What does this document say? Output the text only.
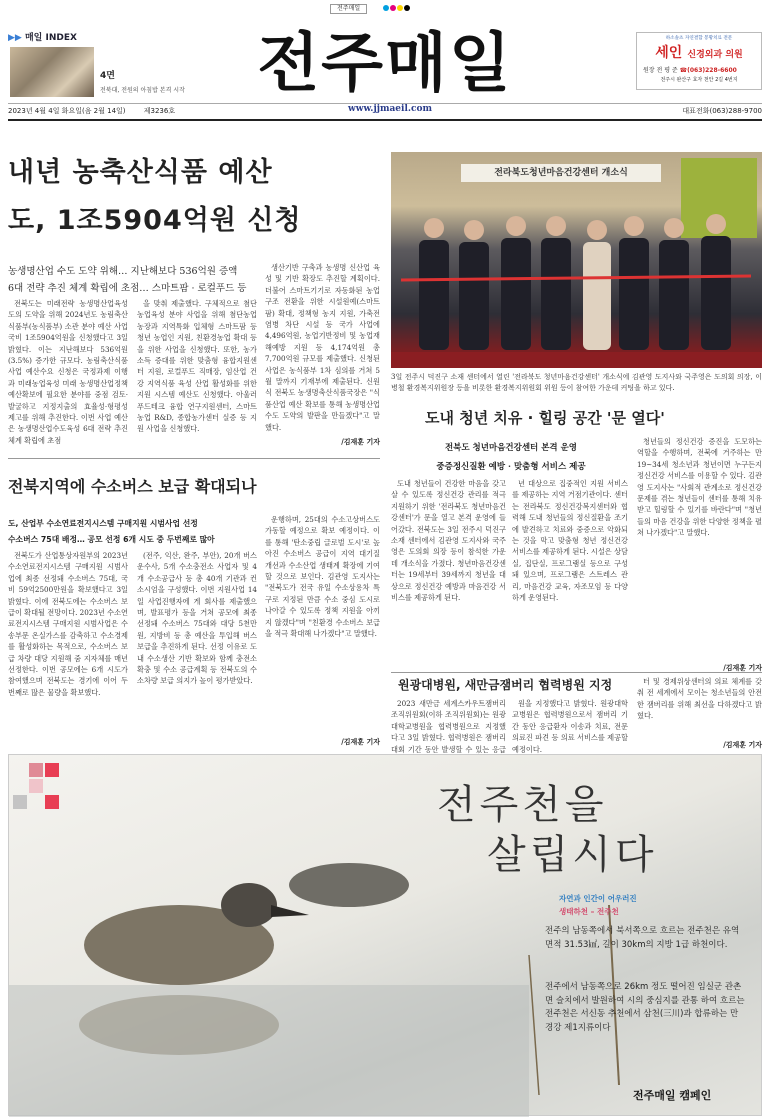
전주매일
▶▶ 매일 INDEX
4면
전북대, 전원의 아침밥 본격 시작 전주매일
www.jjmaeil.com
하소솔츠 자연결합 봉황치료 전문
세인 신경외과 의원
원장 전 평 준 ☎(063)228-6600
전주시 완산구 효자 천안 2길 4번지
2023년 4월 4일 화요일(음 2월 14일)	제3236호	대표전화(063)288-9700
내년 농축산식품 예산
도, 1조5904억원 신청
농생명산업 수도 도약 위해… 지난해보다 536억원 증액
6대 전략 추진 체계 확립에 초점… 스마트팜 · 로컬푸드 등

전북도는 미래전략 농생명산업육성 도의 도약을 위해 2024년도 농림축산식품부(농식품부) 소관 분야 예산 사업 국비 1조5904억원을 신청했다고 3일 밝혔다. 이는 지난해보다 536억원(3.5%) 증가한 규모다. 농림축산식품사업 예산수요 신청은 국정과제 이행과 미래농업육성 미래 농생명산업정책 예산확보에 필요한 분야를 중점 검토·발굴하고 지정지출의 효율성·형평성 제고를 위해 추진한다. 이번 사업 예산은 농생명산업수도육성 6대 전략 추진 체계 확립에 초점

을 맞춰 제출했다. 구체적으로 첨단농업육성 분야 사업을 위해 첨단농업 농장과 지역특화 입체형 스마트팜 등 청년 농업인 지원, 친환경농업 확대 등을 위한 사업을 신청했다. 또한, 농가소득 증대를 위한 맞춤형 융합지원센터 지원, 로컬푸드 직매장, 임산업 건강 지역식품 육성 산업 활성화를 위한 지원 시스템 예산도 신청했다. 아울러 푸드테크 융합 연구지원센터, 스마트농업 R&D, 종합농가센터 실증 등 지원 사업을 신청했다.

생산기반 구축과 농생명 신산업 육성 및 기반 확장도 추진할 계획이다. 더불어 스마트기기로 자동화된 농업구조 전환을 위한 시설원예(스마트팜) 확대, 정책형 농지 지원, 가축전염병 차단 시설 등 국가 사업에 4,496억원, 농업기반정비 및 농업재해예방 지원 등 4,174억원 총 7,700억원 규모를 제출했다. 신청된 사업은 농식품부 1차 심의를 거쳐 5월 말까지 기재부에 제출된다. 신원식 전북도 농생명축산식품국장은 "식품산업 예산 확보를 통해 농생명산업 수도 도약의 발판을 만들겠다"고 말했다.

/김재훈 기자
전라북도청년마음건강센터 개소식

3일 전주시 덕진구 소재 센터에서 열린 '전라북도 청년마음건강센터' 개소식에 김관영 도지사와 국주영은 도의회 의장, 이병철 환경복지위원장 등을 비롯한 환경복지위원회 위원 등이 참여한 가운데 커팅을 하고 있다.

도내 청년 치유 · 힐링 공간 '문 열다'
전북도 청년마음건강센터 본격 운영
중증정신질환 예방 · 맞춤형 서비스 제공

도내 청년들이 건강한 마음을 갖고 살 수 있도록 정신건강 관리를 적극 지원하기 위한 '전라북도 청년마음건강센터'가 문을 열고 본격 운영에 들어갔다. 전북도는 3일 전주시 덕진구 소재 센터에서 김관영 도지사와 국주영은 도의회 의장 등이 참석한 가운데 개소식을 가졌다. 청년마음건강센터는 19세부터 39세까지 청년을 대상으로 정신건강 예방과 마음건강 서비스를 제공하게 된다.

년 대상으로 집중적인 지원 서비스를 제공하는 지역 거점기관이다. 센터는 전라북도 정신건강복지센터와 협력해 도내 청년들의 정신질환을 조기에 발견하고 치료와 중증으로 악화되는 것을 막고 맞춤형 청년 정신건강 서비스를 제공하게 된다. 시설은 상담실, 집단실, 프로그램실 등으로 구성돼 있으며, 프로그램은 스트레스 관리, 마음건강 교육, 자조모임 등 다양하게 운영된다.

청년들의 정신건강 증진을 도모하는 역할을 수행하며, 전북에 거주하는 만 19~34세 청소년과 청년이면 누구든지 정신건강 서비스를 이용할 수 있다. 김관영 도지사는 "사회적 관계소로 정신건강 문제를 겪는 청년들이 센터를 통해 치유 받고 힐링할 수 있기를 바란다"며 "청년들의 마음 건강을 위한 다양한 정책을 펼쳐 나가겠다"고 말했다.

/김재훈 기자
전북지역에 수소버스 보급 확대되나
도, 산업부 수소연료전지시스템 구매지원 시범사업 선정
수소버스 75대 배정… 공모 선정 6개 시도 중 두번째로 많아

전북도가 산업통상자원부의 2023년 수소연료전지시스템 구매지원 시범사업에 최종 선정돼 수소버스 75대, 국비 59억2500만원을 확보했다고 3일 밝혔다. 이에 전북도에는 수소버스 보급이 확대될 전망이다. 2023년 수소연료전지시스템 구매지원 시범사업은 수송부문 온실가스를 감축하고 수소경제를 활성화하는 목적으로, 수소버스 보급 차량 대당 지원해 줌 지자체를 매년 선정한다. 이번 공모에는 6개 시도가 참여했으며 전북도는 경기에 이어 두번째로 많은 물량을 확보했다.

(전주, 익산, 완주, 부안), 20개 버스 운수사, 5개 수소충전소 사업자 및 4개 수소공급사 등 총 40개 기관과 컨소시엄을 구성했다. 이번 지원사업 14일 사업진행자에 게 회사를 제출했으며, 발표평가 등을 거쳐 공모에 최종 선정돼 수소버스 75대와 대당 5천만원, 지방비 등 총 예산을 투입해 버스 보급을 추진하게 된다. 선정 이유로 도내 수소생산 기반 확보와 함께 충전소 확충 및 수소 공급계획 등 전북도의 수소차량 보급 의지가 높이 평가받았다.

운행하며, 25대의 수소고상버스도 가동할 예정으로 확보 예정이다. 이를 통해 '탄소중립 글로벌 도시'로 높아진 수소버스 공급이 지역 대기질 개선과 수소산업 생태계 확장에 기여할 것으로 보인다. 김관영 도지사는 "전북도가 전국 유일 수소상용차 특구로 지정된 만큼 수소 중심 도시로 나아갈 수 있도록 정책 지원을 아끼지 않겠다"며 "친환경 수소버스 보급을 적극 확대해 나가겠다"고 말했다.

/김재훈 기자
원광대병원, 새만금잼버리 협력병원 지정

2023 새만금 세계스카우트잼버리조직위원회(이하 조직위원회)는 원광대학교병원을 협력병원으로 지정했다고 3일 밝혔다. 협력병원은 잼버리 대회 기간 동안 발생할 수 있는 응급

원을 지정했다고 밝혔다. 원광대학교병원은 협력병원으로서 잼버리 기간 동안 응급환자 이송과 치료, 전문 의료진 파견 등 의료 서비스를 제공할 예정이다.

터 및 경제위상센터의 의료 체계를 갖춰 전 세계에서 모이는 청소년들의 안전한 잼버리를 위해 최선을 다하겠다고 밝혔다.

/김재훈 기자
전주천을
살립시다
자연과 인간이 어우러진
생태하천 – 전주천
전주의 남동쪽에서 북서쪽으로 흐르는 전주천은 유역면적 31.53㎢, 길이 30km의 지방 1급 하천이다.
전주에서 남동쪽으로 26km 정도 떨어진 임실군 관촌면 슬치에서 발원하여 시의 중심지를 관통 하여 흐르는 전주천은 서신동 추천에서 삼천(三川)과 합류하는 만경강 제1지류이다
전주매일 캠페인
